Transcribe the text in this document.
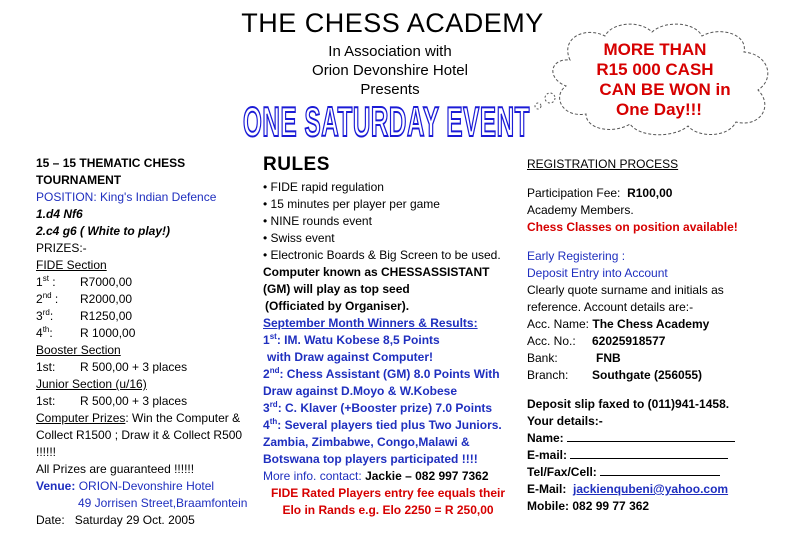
THE CHESS ACADEMY
In Association with
Orion Devonshire Hotel
Presents
ONE SATURDAY EVENT
MORE THAN
R15 000 CASH
CAN BE WON in
One Day!!!
15 – 15 THEMATIC CHESS TOURNAMENT
POSITION: King's Indian Defence
1.d4 Nf6
2.c4 g6 ( White to play!)
PRIZES:-
FIDE Section
1st :	R7000,00
2nd :	R2000,00
3rd:	R1250,00
4th:	R 1000,00
Booster Section
1st:	R 500,00 + 3 places
Junior Section (u/16)
1st:	R 500,00 + 3 places
Computer Prizes: Win the Computer & Collect R1500 ; Draw it & Collect R500 !!!!!!
All Prizes are guaranteed !!!!!!
Venue: ORION-Devonshire Hotel
49 Jorrisen Street,Braamfontein
Date: Saturday 29 Oct. 2005
RULES
• FIDE rapid regulation
• 15 minutes per player per game
• NINE rounds event
• Swiss event
• Electronic Boards & Big Screen to be used.
Computer known as CHESSASSISTANT (GM) will play as top seed
(Officiated by Organiser).
September Month Winners & Results:
1st: IM. Watu Kobese 8,5 Points
with Draw against Computer!
2nd: Chess Assistant (GM) 8.0 Points With Draw against D.Moyo & W.Kobese
3rd: C. Klaver (+Booster prize) 7.0 Points
4th: Several players tied plus Two Juniors. Zambia, Zimbabwe, Congo,Malawi & Botswana top players participated !!!!
More info. contact: Jackie – 082 997 7362
FIDE Rated Players entry fee equals their Elo in Rands e.g. Elo 2250 = R 250,00
REGISTRATION PROCESS
Participation Fee: R100,00
Academy Members.
Chess Classes on position available!
Early Registering :
Deposit Entry into Account
Clearly quote surname and initials as reference. Account details are:-
Acc. Name:
The Chess Academy
Acc. No.:	62025918577
Bank:	FNB
Branch:	Southgate (256055)
Deposit slip faxed to (011)941-1458.
Your details:-
Name:
E-mail:
Tel/Fax/Cell:
E-Mail: jackienqubeni@yahoo.com
Mobile: 082 99 77 362
